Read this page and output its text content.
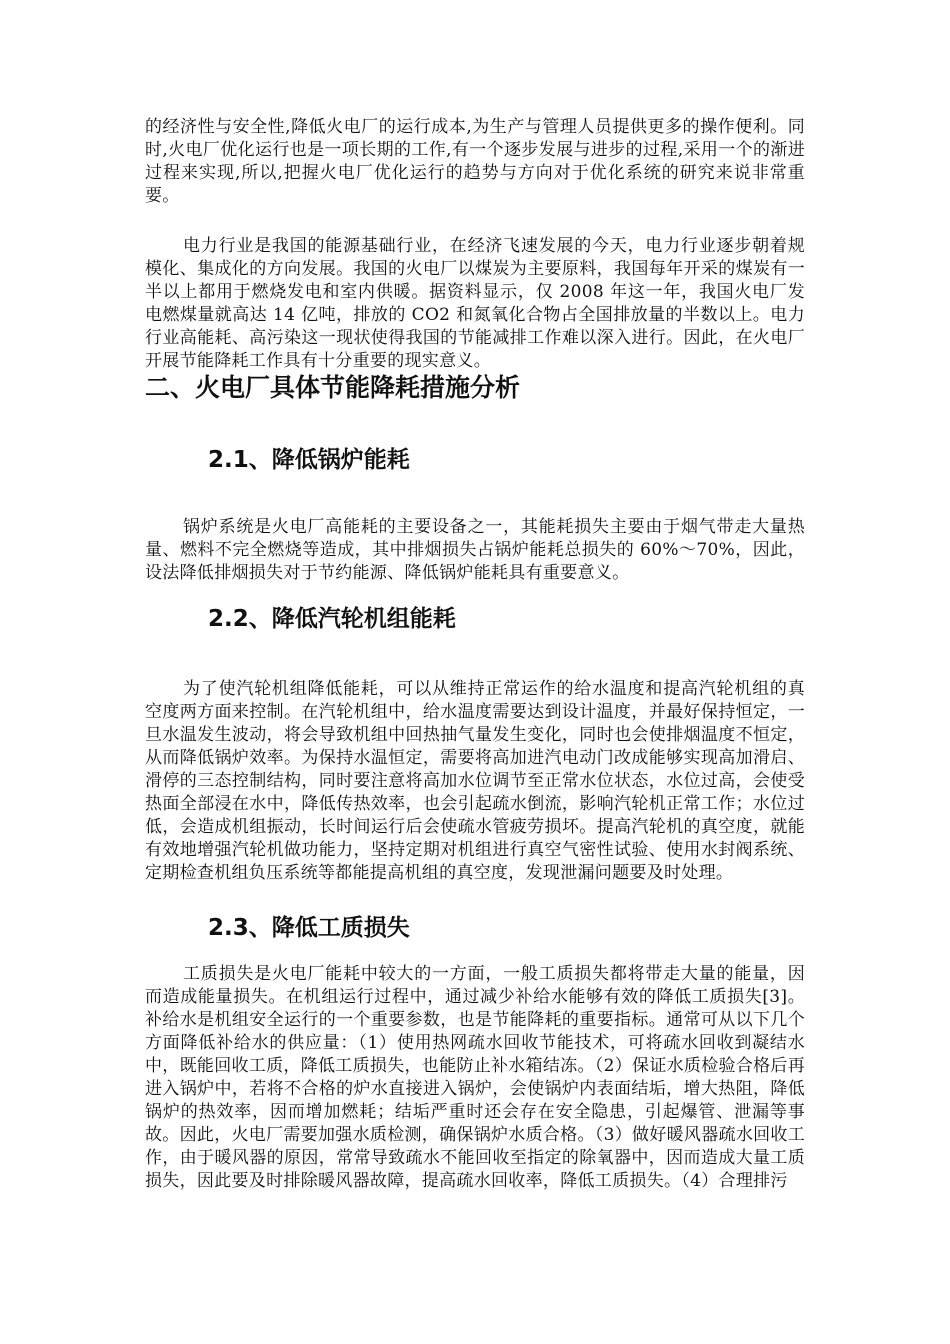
的经济性与安全性,降低火电厂的运行成本,为生产与管理人员提供更多的操作便利。同时,火电厂优化运行也是一项长期的工作,有一个逐步发展与进步的过程,采用一个的渐进过程来实现,所以,把握火电厂优化运行的趋势与方向对于优化系统的研究来说非常重要。

电力行业是我国的能源基础行业，在经济飞速发展的今天，电力行业逐步朝着规模化、集成化的方向发展。我国的火电厂以煤炭为主要原料，我国每年开采的煤炭有一半以上都用于燃烧发电和室内供暖。据资料显示，仅 2008 年这一年，我国火电厂发电燃煤量就高达 14 亿吨，排放的 CO2 和氮氧化合物占全国排放量的半数以上。电力行业高能耗、高污染这一现状使得我国的节能减排工作难以深入进行。因此，在火电厂开展节能降耗工作具有十分重要的现实意义。

二、火电厂具体节能降耗措施分析
2.1、降低锅炉能耗

锅炉系统是火电厂高能耗的主要设备之一，其能耗损失主要由于烟气带走大量热量、燃料不完全燃烧等造成，其中排烟损失占锅炉能耗总损失的 60%～70%，因此，设法降低排烟损失对于节约能源、降低锅炉能耗具有重要意义。

2.2、降低汽轮机组能耗

为了使汽轮机组降低能耗，可以从维持正常运作的给水温度和提高汽轮机组的真空度两方面来控制。在汽轮机组中，给水温度需要达到设计温度，并最好保持恒定，一旦水温发生波动，将会导致机组中回热抽气量发生变化，同时也会使排烟温度不恒定，从而降低锅炉效率。为保持水温恒定，需要将高加进汽电动门改成能够实现高加滑启、滑停的三态控制结构，同时要注意将高加水位调节至正常水位状态，水位过高，会使受热面全部浸在水中，降低传热效率，也会引起疏水倒流，影响汽轮机正常工作；水位过低，会造成机组振动，长时间运行后会使疏水管疲劳损坏。提高汽轮机的真空度，就能有效地增强汽轮机做功能力，坚持定期对机组进行真空气密性试验、使用水封阀系统、定期检查机组负压系统等都能提高机组的真空度，发现泄漏问题要及时处理。

2.3、降低工质损失

工质损失是火电厂能耗中较大的一方面，一般工质损失都将带走大量的能量，因而造成能量损失。在机组运行过程中，通过减少补给水能够有效的降低工质损失[3]。补给水是机组安全运行的一个重要参数，也是节能降耗的重要指标。通常可从以下几个方面降低补给水的供应量：（1）使用热网疏水回收节能技术，可将疏水回收到凝结水中，既能回收工质，降低工质损失，也能防止补水箱结冻。（2）保证水质检验合格后再进入锅炉中，若将不合格的炉水直接进入锅炉，会使锅炉内表面结垢，增大热阻，降低锅炉的热效率，因而增加燃耗；结垢严重时还会存在安全隐患，引起爆管、泄漏等事故。因此，火电厂需要加强水质检测，确保锅炉水质合格。（3）做好暖风器疏水回收工作，由于暖风器的原因，常常导致疏水不能回收至指定的除氧器中，因而造成大量工质损失，因此要及时排除暖风器故障，提高疏水回收率，降低工质损失。（4）合理排污
